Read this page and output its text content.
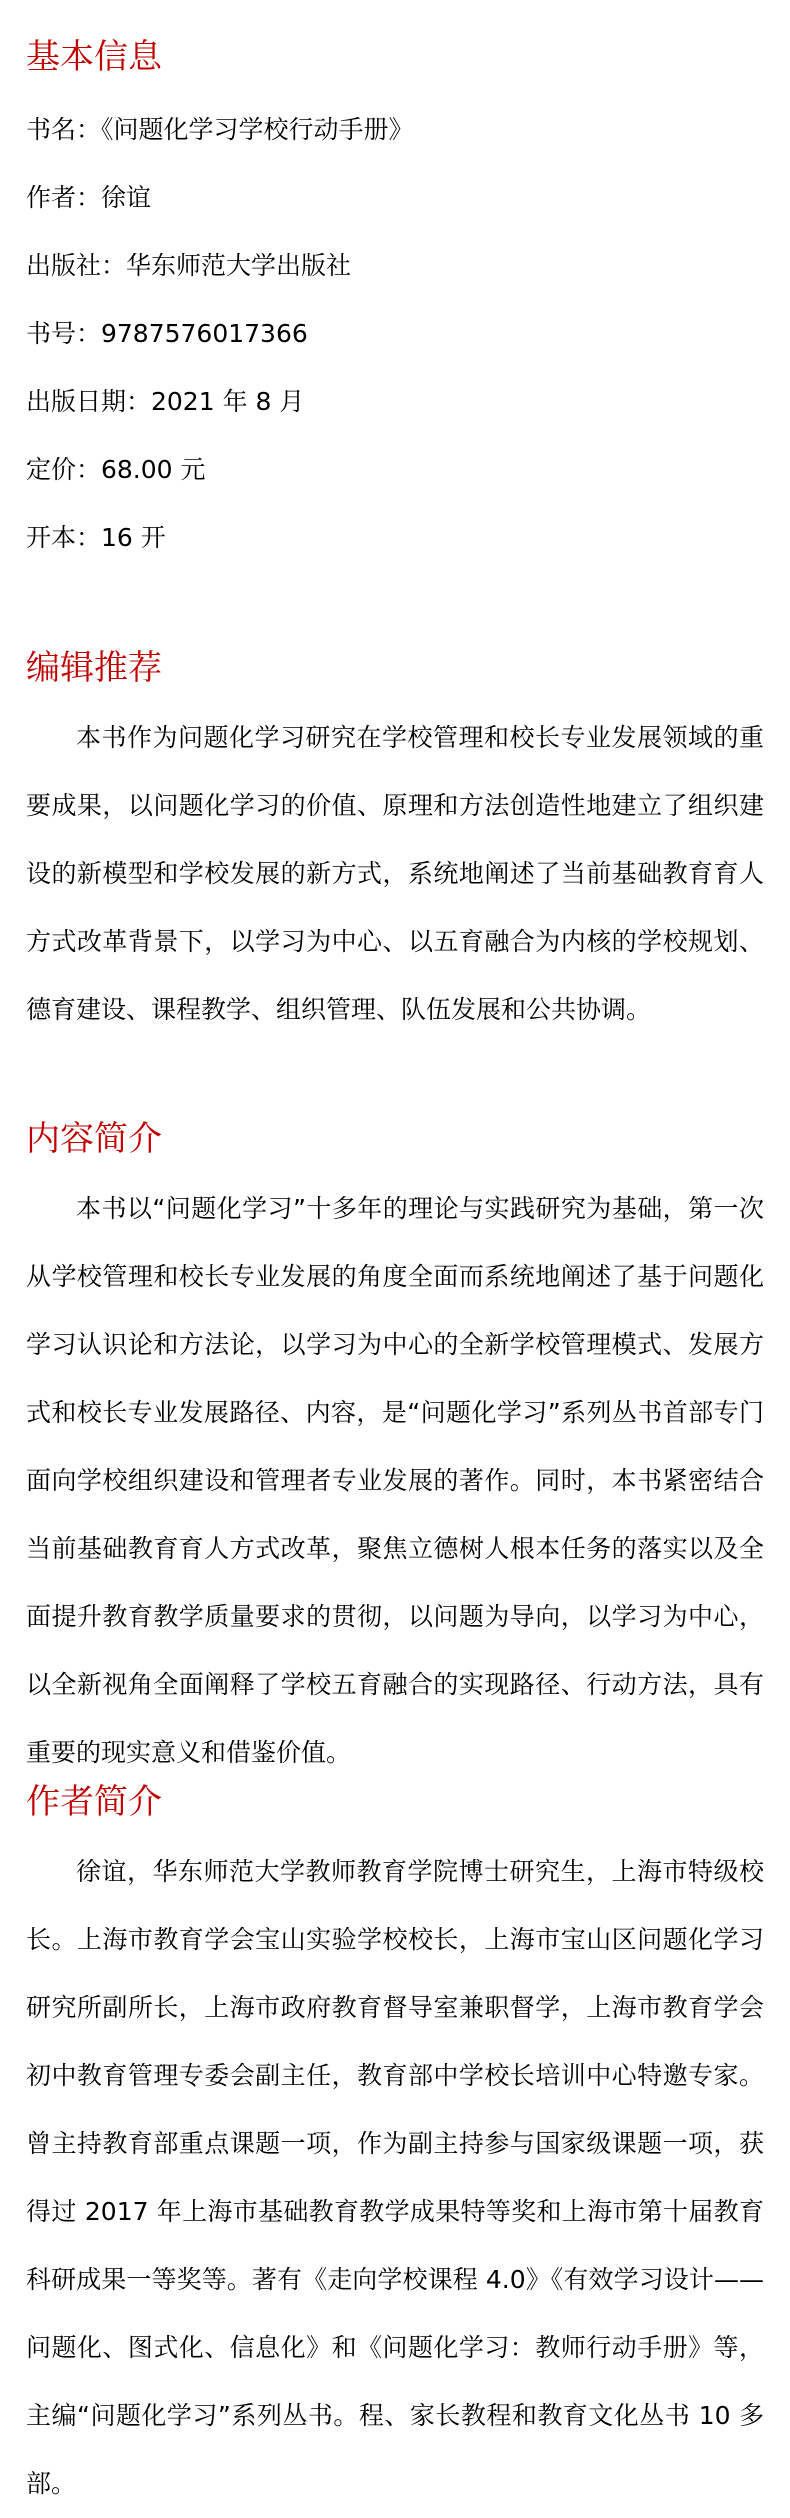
基本信息
书名：《问题化学习学校行动手册》
作者：徐谊
出版社：华东师范大学出版社
书号：9787576017366
出版日期：2021 年 8 月
定价：68.00 元
开本：16 开
编辑推荐

本书作为问题化学习研究在学校管理和校长专业发展领域的重要成果，以问题化学习的价值、原理和方法创造性地建立了组织建设的新模型和学校发展的新方式，系统地阐述了当前基础教育育人方式改革背景下，以学习为中心、以五育融合为内核的学校规划、德育建设、课程教学、组织管理、队伍发展和公共协调。

内容简介

本书以“问题化学习”十多年的理论与实践研究为基础，第一次从学校管理和校长专业发展的角度全面而系统地阐述了基于问题化学习认识论和方法论，以学习为中心的全新学校管理模式、发展方式和校长专业发展路径、内容，是“问题化学习”系列丛书首部专门面向学校组织建设和管理者专业发展的著作。同时，本书紧密结合当前基础教育育人方式改革，聚焦立德树人根本任务的落实以及全面提升教育教学质量要求的贯彻，以问题为导向，以学习为中心，以全新视角全面阐释了学校五育融合的实现路径、行动方法，具有重要的现实意义和借鉴价值。

作者简介

徐谊，华东师范大学教师教育学院博士研究生，上海市特级校长。上海市教育学会宝山实验学校校长，上海市宝山区问题化学习研究所副所长，上海市政府教育督导室兼职督学，上海市教育学会初中教育管理专委会副主任，教育部中学校长培训中心特邀专家。曾主持教育部重点课题一项，作为副主持参与国家级课题一项，获得过 2017 年上海市基础教育教学成果特等奖和上海市第十届教育科研成果一等奖等。著有《走向学校课程 4.0》《有效学习设计——问题化、图式化、信息化》和《问题化学习：教师行动手册》等，主编“问题化学习”系列丛书。程、家长教程和教育文化丛书 10 多部。
